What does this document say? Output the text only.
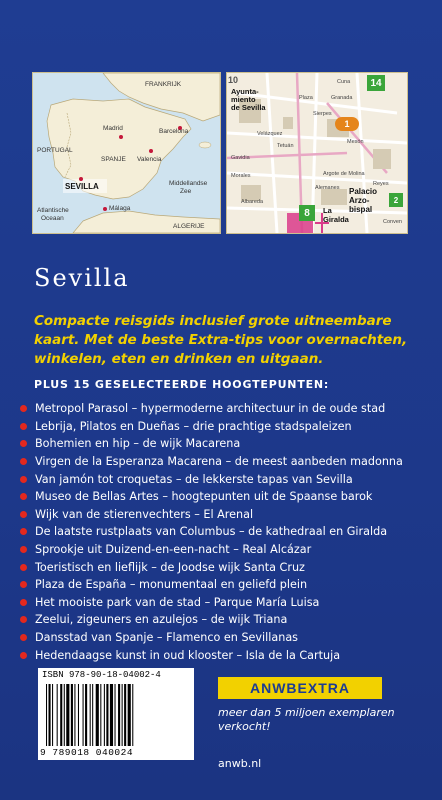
FRANKRIJK
Madrid	Barcelona
PORTUGAL
SPANJE Valencia
SEVILLA	Middellandse
Zee
Atlantische
Oceaan
Málaga
ALGERIJE
10
Ayunta-
miento
de Sevilla
Plaza
Cuna
Tetuán
Gavidia
Morales
Velázquez
Sierpes
Granada
Albareda
Mesón
Argote de Molina
Alemanes Palacio
Arzo-
bispal
La
Giralda	Conven
Reyes
14
8
1
2
Sevilla
Compacte reisgids inclusief grote uitneembare kaart. Met de beste Extra-tips voor overnachten, winkelen, eten en drinken en uitgaan.
PLUS 15 GESELECTEERDE HOOGTEPUNTEN:
Metropol Parasol – hypermoderne architectuur in de oude stad
Lebrija, Pilatos en Dueñas – drie prachtige stadspaleizen
Bohemien en hip – de wijk Macarena
Virgen de la Esperanza Macarena – de meest aanbeden madonna
Van jamón tot croquetas – de lekkerste tapas van Sevilla
Museo de Bellas Artes – hoogtepunten uit de Spaanse barok
Wijk van de stierenvechters – El Arenal
De laatste rustplaats van Columbus – de kathedraal en Giralda
Sprookje uit Duizend-en-een-nacht – Real Alcázar
Toeristisch en lieflijk – de Joodse wijk Santa Cruz
Plaza de España – monumentaal en geliefd plein
Het mooiste park van de stad – Parque María Luisa
Zeelui, zigeuners en azulejos – de wijk Triana
Dansstad van Spanje – Flamenco en Sevillanas
Hedendaagse kunst in oud klooster – Isla de la Cartuja
ISBN 978-90-18-04002-4
9 789018 040024
ANWB EXTRA
meer dan 5 miljoen exemplaren verkocht!
anwb.nl
